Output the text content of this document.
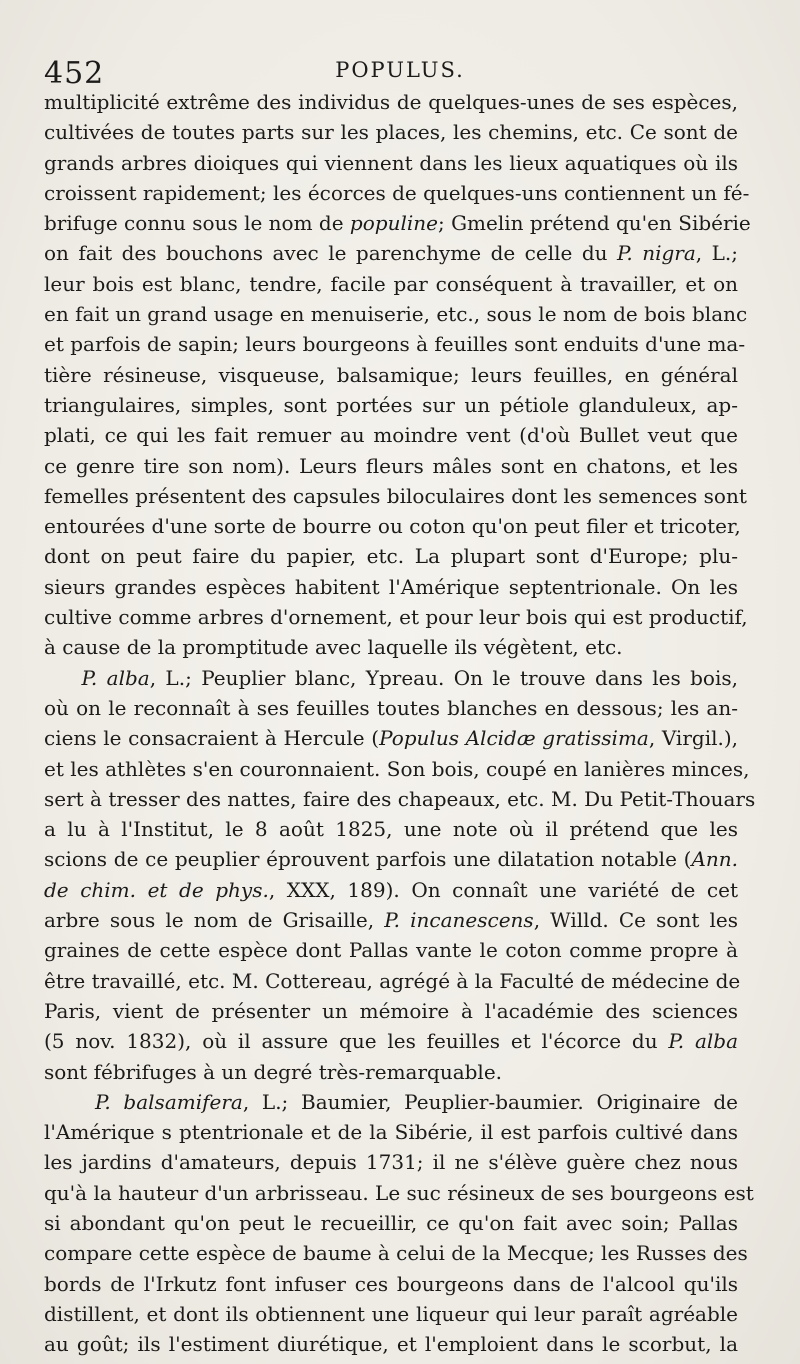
452	POPULUS.
multiplicité extrême des individus de quelques-unes de ses espèces,
cultivées de toutes parts sur les places, les chemins, etc. Ce sont de
grands arbres dioiques qui viennent dans les lieux aquatiques où ils
croissent rapidement; les écorces de quelques-uns contiennent un fé-
brifuge connu sous le nom de populine; Gmelin prétend qu'en Sibérie
on fait des bouchons avec le parenchyme de celle du P. nigra, L.;
leur bois est blanc, tendre, facile par conséquent à travailler, et on
en fait un grand usage en menuiserie, etc., sous le nom de bois blanc
et parfois de sapin; leurs bourgeons à feuilles sont enduits d'une ma-
tière résineuse, visqueuse, balsamique; leurs feuilles, en général
triangulaires, simples, sont portées sur un pétiole glanduleux, ap-
plati, ce qui les fait remuer au moindre vent (d'où Bullet veut que
ce genre tire son nom). Leurs fleurs mâles sont en chatons, et les
femelles présentent des capsules biloculaires dont les semences sont
entourées d'une sorte de bourre ou coton qu'on peut filer et tricoter,
dont on peut faire du papier, etc. La plupart sont d'Europe; plu-
sieurs grandes espèces habitent l'Amérique septentrionale. On les
cultive comme arbres d'ornement, et pour leur bois qui est productif,
à cause de la promptitude avec laquelle ils végètent, etc.
P. alba, L.; Peuplier blanc, Ypreau. On le trouve dans les bois,
où on le reconnaît à ses feuilles toutes blanches en dessous; les an-
ciens le consacraient à Hercule (Populus Alcidæ gratissima, Virgil.),
et les athlètes s'en couronnaient. Son bois, coupé en lanières minces,
sert à tresser des nattes, faire des chapeaux, etc. M. Du Petit-Thouars
a lu à l'Institut, le 8 août 1825, une note où il prétend que les
scions de ce peuplier éprouvent parfois une dilatation notable (Ann.
de chim. et de phys., XXX, 189). On connaît une variété de cet
arbre sous le nom de Grisaille, P. incanescens, Willd. Ce sont les
graines de cette espèce dont Pallas vante le coton comme propre à
être travaillé, etc. M. Cottereau, agrégé à la Faculté de médecine de
Paris, vient de présenter un mémoire à l'académie des sciences
(5 nov. 1832), où il assure que les feuilles et l'écorce du P. alba
sont fébrifuges à un degré très-remarquable.
P. balsamifera, L.; Baumier, Peuplier-baumier. Originaire de
l'Amérique s ptentrionale et de la Sibérie, il est parfois cultivé dans
les jardins d'amateurs, depuis 1731; il ne s'élève guère chez nous
qu'à la hauteur d'un arbrisseau. Le suc résineux de ses bourgeons est
si abondant qu'on peut le recueillir, ce qu'on fait avec soin; Pallas
compare cette espèce de baume à celui de la Mecque; les Russes des
bords de l'Irkutz font infuser ces bourgeons dans de l'alcool qu'ils
distillent, et dont ils obtiennent une liqueur qui leur paraît agréable
au goût; ils l'estiment diurétique, et l'emploient dans le scorbut, la
